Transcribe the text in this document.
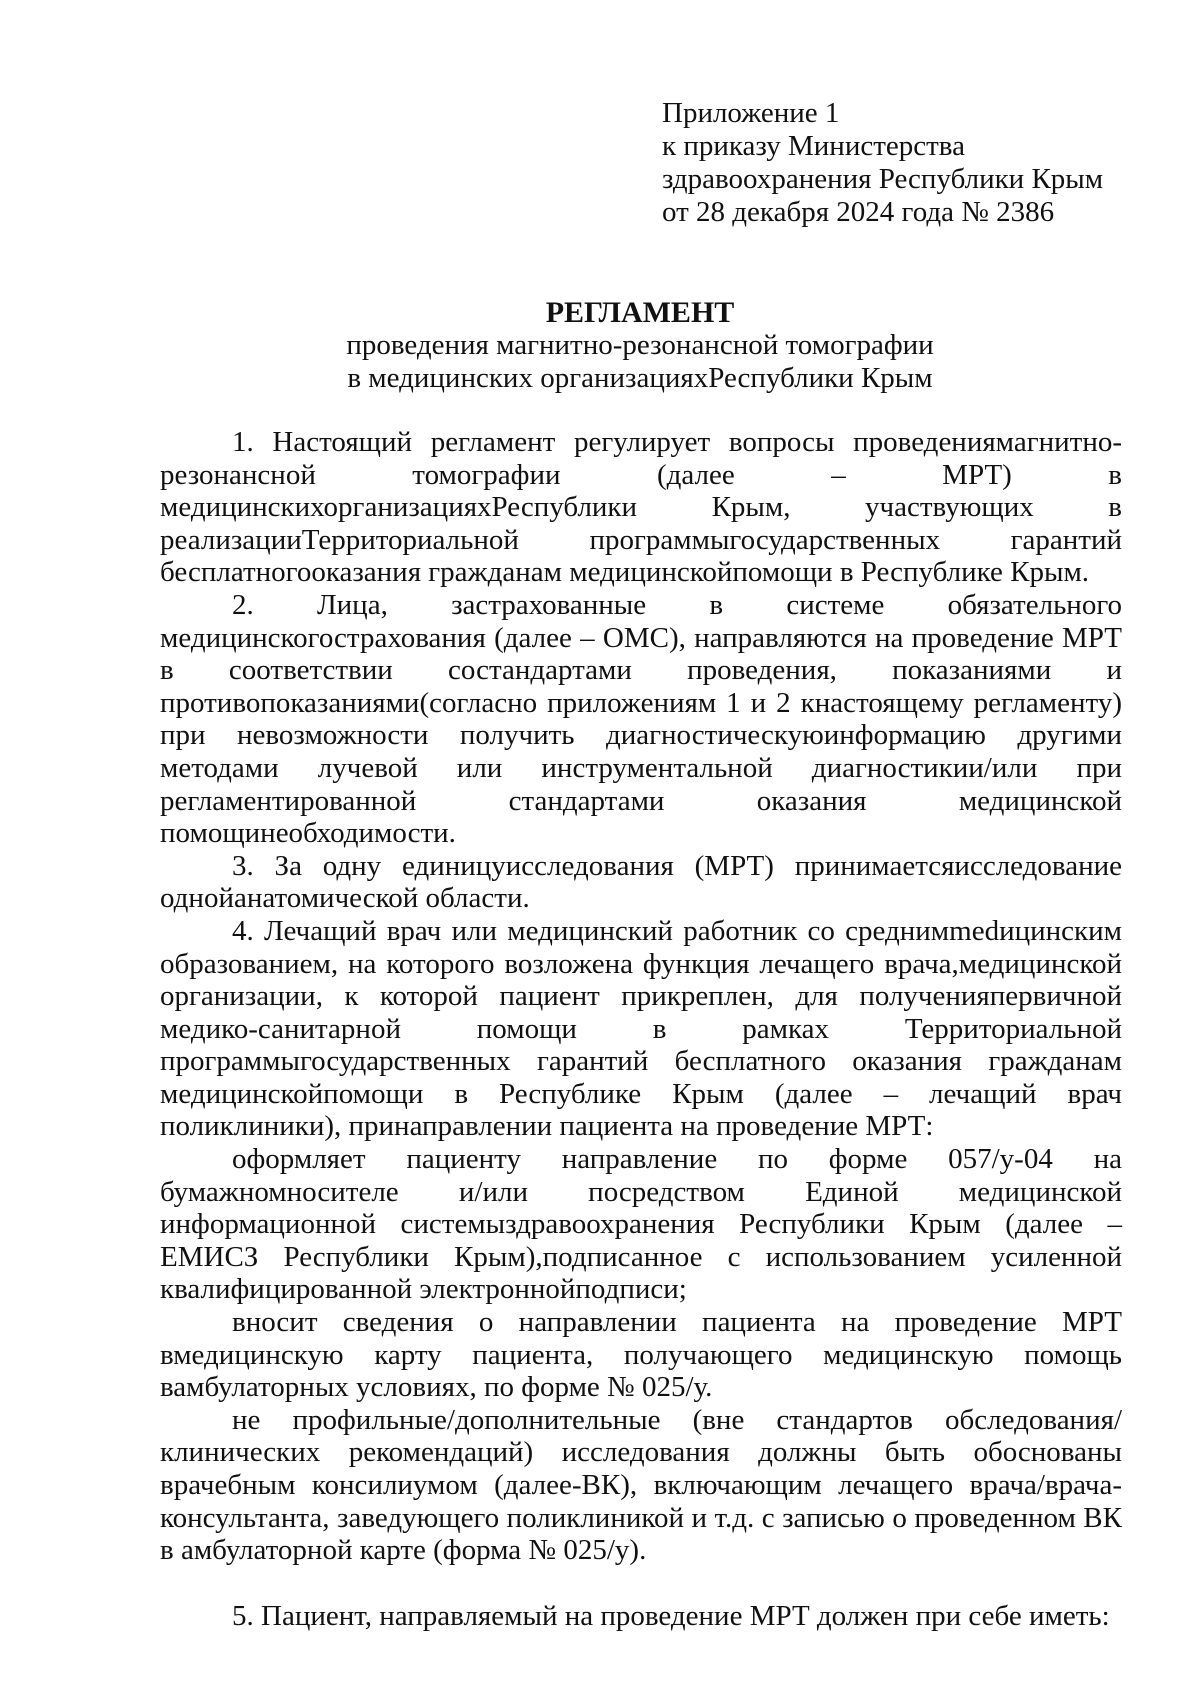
Приложение 1
к приказу Министерства
здравоохранения Республики Крым
от 28 декабря 2024 года № 2386
РЕГЛАМЕНТ
проведения магнитно-резонансной томографии
в медицинских организацияхРеспублики Крым

1. Настоящий регламент регулирует вопросы проведениямагнитно-резонансной томографии (далее – МРТ) в медицинскихорганизацияхРеспублики Крым, участвующих в реализацииТерриториальной программыгосударственных гарантий бесплатногооказания гражданам медицинскойпомощи в Республике Крым.

2. Лица, застрахованные в системе обязательного медицинскогострахования (далее – ОМС), направляются на проведение МРТ в соответствии состандартами проведения, показаниями и противопоказаниями(согласно приложениям 1 и 2 кнастоящему регламенту) при невозможности получить диагностическуюинформацию другими методами лучевой или инструментальной диагностикии/или при регламентированной стандартами оказания медицинской помощинеобходимости.

3. За одну единицуисследования (МРТ) принимаетсяисследование однойанатомической области.

4. Лечащий врач или медицинский работник со среднимmedицинским образованием, на которого возложена функция лечащего врача,медицинской организации, к которой пациент прикреплен, для полученияпервичной медико-санитарной помощи в рамках Территориальной программыгосударственных гарантий бесплатного оказания гражданам медицинскойпомощи в Республике Крым (далее – лечащий врач поликлиники), принаправлении пациента на проведение МРТ:

оформляет пациенту направление по форме 057/у-04 на бумажномносителе и/или посредством Единой медицинской информационной системыздравоохранения Республики Крым (далее – ЕМИСЗ Республики Крым),подписанное с использованием усиленной квалифицированной электроннойподписи;

вносит сведения о направлении пациента на проведение МРТ вмедицинскую карту пациента, получающего медицинскую помощь вамбулаторных условиях, по форме № 025/у.

не профильные/дополнительные (вне стандартов обследования/ клинических рекомендаций) исследования должны быть обоснованы врачебным консилиумом (далее-ВК), включающим лечащего врача/врача-консультанта, заведующего поликлиникой и т.д. с записью о проведенном ВК в амбулаторной карте (форма № 025/у).

5. Пациент, направляемый на проведение МРТ должен при себе иметь:
